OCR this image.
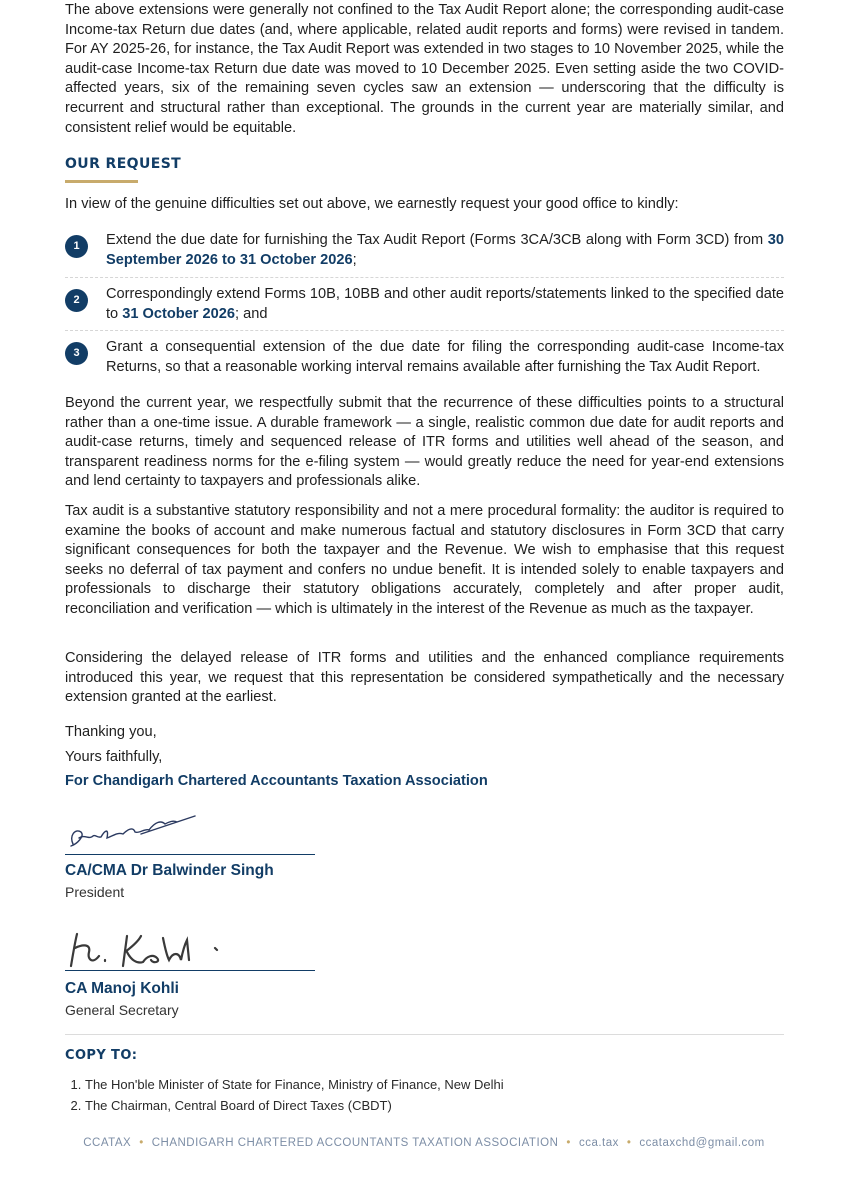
The above extensions were generally not confined to the Tax Audit Report alone; the corresponding audit-case Income-tax Return due dates (and, where applicable, related audit reports and forms) were revised in tandem. For AY 2025-26, for instance, the Tax Audit Report was extended in two stages to 10 November 2025, while the audit-case Income-tax Return due date was moved to 10 December 2025. Even setting aside the two COVID-affected years, six of the remaining seven cycles saw an extension — underscoring that the difficulty is recurrent and structural rather than exceptional. The grounds in the current year are materially similar, and consistent relief would be equitable.

OUR REQUEST

In view of the genuine difficulties set out above, we earnestly request your good office to kindly:

1	Extend the due date for furnishing the Tax Audit Report (Forms 3CA/3CB along with Form 3CD) from 30 September 2026 to 31 October 2026;
2	Correspondingly extend Forms 10B, 10BB and other audit reports/statements linked to the specified date to 31 October 2026; and
3	Grant a consequential extension of the due date for filing the corresponding audit-case Income-tax Returns, so that a reasonable working interval remains available after furnishing the Tax Audit Report.

Beyond the current year, we respectfully submit that the recurrence of these difficulties points to a structural rather than a one-time issue. A durable framework — a single, realistic common due date for audit reports and audit-case returns, timely and sequenced release of ITR forms and utilities well ahead of the season, and transparent readiness norms for the e-filing system — would greatly reduce the need for year-end extensions and lend certainty to taxpayers and professionals alike.

Tax audit is a substantive statutory responsibility and not a mere procedural formality: the auditor is required to examine the books of account and make numerous factual and statutory disclosures in Form 3CD that carry significant consequences for both the taxpayer and the Revenue. We wish to emphasise that this request seeks no deferral of tax payment and confers no undue benefit. It is intended solely to enable taxpayers and professionals to discharge their statutory obligations accurately, completely and after proper audit, reconciliation and verification — which is ultimately in the interest of the Revenue as much as the taxpayer.

Considering the delayed release of ITR forms and utilities and the enhanced compliance requirements introduced this year, we request that this representation be considered sympathetically and the necessary extension granted at the earliest.

Thanking you,
Yours faithfully,
For Chandigarh Chartered Accountants Taxation Association
CA/CMA Dr Balwinder Singh
President
CA Manoj Kohli
General Secretary
COPY TO:
1. The Hon'ble Minister of State for Finance, Ministry of Finance, New Delhi
2. The Chairman, Central Board of Direct Taxes (CBDT)
CCATAX • CHANDIGARH CHARTERED ACCOUNTANTS TAXATION ASSOCIATION • cca.tax • ccataxchd@gmail.com
